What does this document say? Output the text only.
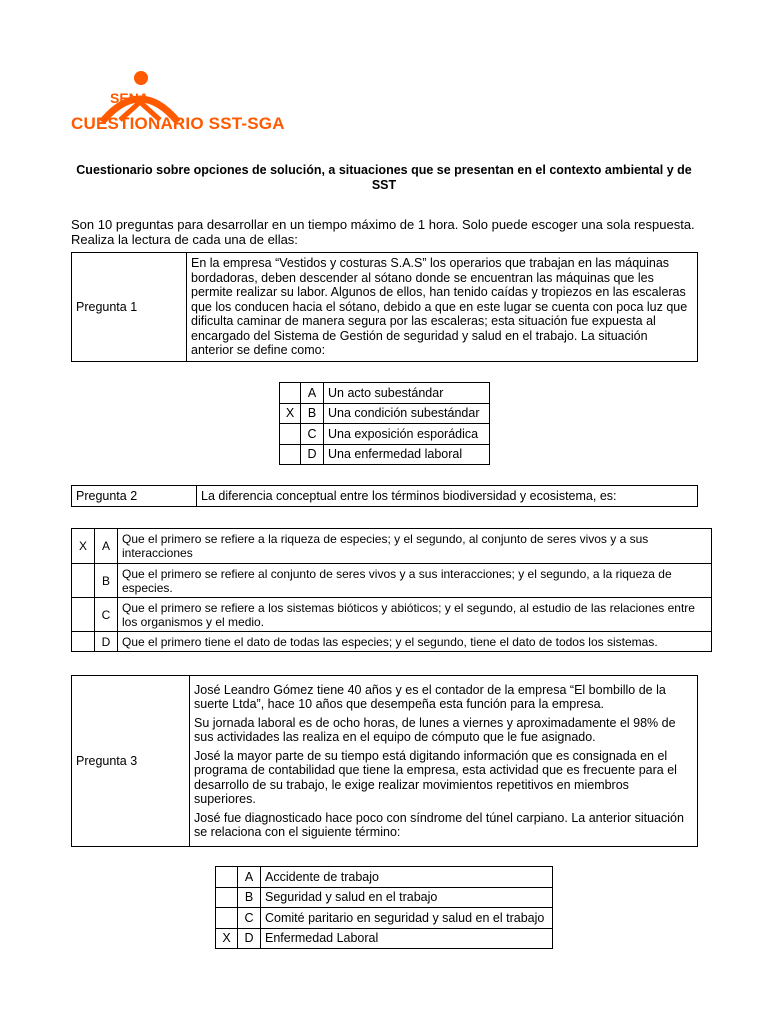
SENA
CUESTIONARIO SST-SGA
Cuestionario sobre opciones de solución, a situaciones que se presentan en el contexto ambiental y de SST
Son 10 preguntas para desarrollar en un tiempo máximo de 1 hora. Solo puede escoger una sola respuesta. Realiza la lectura de cada una de ellas:
Pregunta 1	

En la empresa “Vestidos y costuras S.A.S” los operarios que trabajan en las máquinas bordadoras, deben descender al sótano donde se encuentran las máquinas que les permite realizar su labor. Algunos de ellos, han tenido caídas y tropiezos en las escaleras que los conducen hacia el sótano, debido a que en este lugar se cuenta con poca luz que dificulta caminar de manera segura por las escaleras; esta situación fue expuesta al encargado del Sistema de Gestión de seguridad y salud en el trabajo. La situación anterior se define como:

	A	Un acto subestándar
X	B	Una condición subestándar
	C	Una exposición esporádica
	D	Una enfermedad laboral
Pregunta 2	La diferencia conceptual entre los términos biodiversidad y ecosistema, es:

X	A	Que el primero se refiere a la riqueza de especies; y el segundo, al conjunto de seres vivos y a sus interacciones
	B	Que el primero se refiere al conjunto de seres vivos y a sus interacciones; y el segundo, a la riqueza de especies.
	C	Que el primero se refiere a los sistemas bióticos y abióticos; y el segundo, al estudio de las relaciones entre los organismos y el medio.
	D	Que el primero tiene el dato de todas las especies; y el segundo, tiene el dato de todos los sistemas.
Pregunta 3	

José Leandro Gómez tiene 40 años y es el contador de la empresa “El bombillo de la suerte Ltda”, hace 10 años que desempeña esta función para la empresa.

Su jornada laboral es de ocho horas, de lunes a viernes y aproximadamente el 98% de sus actividades las realiza en el equipo de cómputo que le fue asignado.

José la mayor parte de su tiempo está digitando información que es consignada en el programa de contabilidad que tiene la empresa, esta actividad que es frecuente para el desarrollo de su trabajo, le exige realizar movimientos repetitivos en miembros superiores.

José fue diagnosticado hace poco con síndrome del túnel carpiano. La anterior situación se relaciona con el siguiente término:

	A	Accidente de trabajo
	B	Seguridad y salud en el trabajo
	C	Comité paritario en seguridad y salud en el trabajo
X	D	Enfermedad Laboral
